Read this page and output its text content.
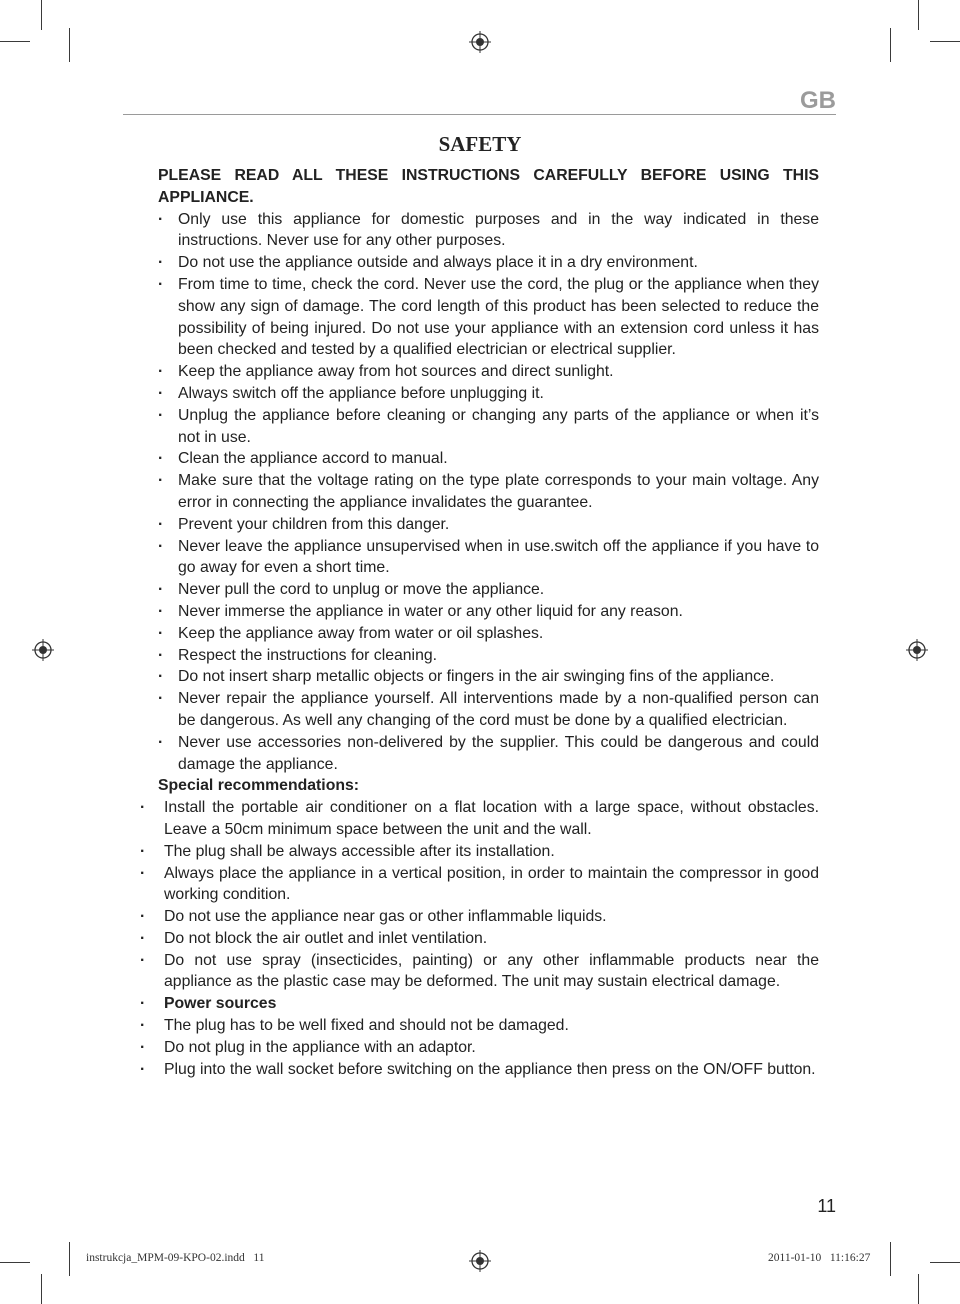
GB
SAFETY
PLEASE READ ALL THESE INSTRUCTIONS CAREFULLY BEFORE USING THIS
APPLIANCE.
· Only use this appliance for domestic purposes and in the way indicated in these instructions. Never use for any other purposes.
· Do not use the appliance outside and always place it in a dry environment.
· From time to time, check the cord. Never use the cord, the plug or the appliance when they show any sign of damage. The cord length of this product has been selected to reduce the possibility of being injured. Do not use your appliance with an extension cord unless it has been checked and tested by a qualified electrician or electrical supplier.
· Keep the appliance away from hot sources and direct sunlight.
· Always switch off the appliance before unplugging it.
· Unplug the appliance before cleaning or changing any parts of the appliance or when it’s not in use.
· Clean the appliance accord to manual.
· Make sure that the voltage rating on the type plate corresponds to your main voltage. Any error in connecting the appliance invalidates the guarantee.
· Prevent your children from this danger.
· Never leave the appliance unsupervised when in use.switch off the appliance if you have to go away for even a short time.
· Never pull the cord to unplug or move the appliance.
· Never immerse the appliance in water or any other liquid for any reason.
· Keep the appliance away from water or oil splashes.
· Respect the instructions for cleaning.
· Do not insert sharp metallic objects or fingers in the air swinging fins of the appliance.
· Never repair the appliance yourself. All interventions made by a non-qualified person can be dangerous. As well any changing of the cord must be done by a qualified electrician.
· Never use accessories non-delivered by the supplier. This could be dangerous and could damage the appliance.
Special recommendations:
· Install the portable air conditioner on a flat location with a large space, without obstacles. Leave a 50cm minimum space between the unit and the wall.
· The plug shall be always accessible after its installation.
· Always place the appliance in a vertical position, in order to maintain the compressor in good working condition.
· Do not use the appliance near gas or other inflammable liquids.
· Do not block the air outlet and inlet ventilation.
· Do not use spray (insecticides, painting) or any other inflammable products near the appliance as the plastic case may be deformed. The unit may sustain electrical damage.
· Power sources
· The plug has to be well fixed and should not be damaged.
· Do not plug in the appliance with an adaptor.
· Plug into the wall socket before switching on the appliance then press on the ON/OFF button.
11
instrukcja_MPM-09-KPO-02.indd   11	2011-01-10   11:16:27
